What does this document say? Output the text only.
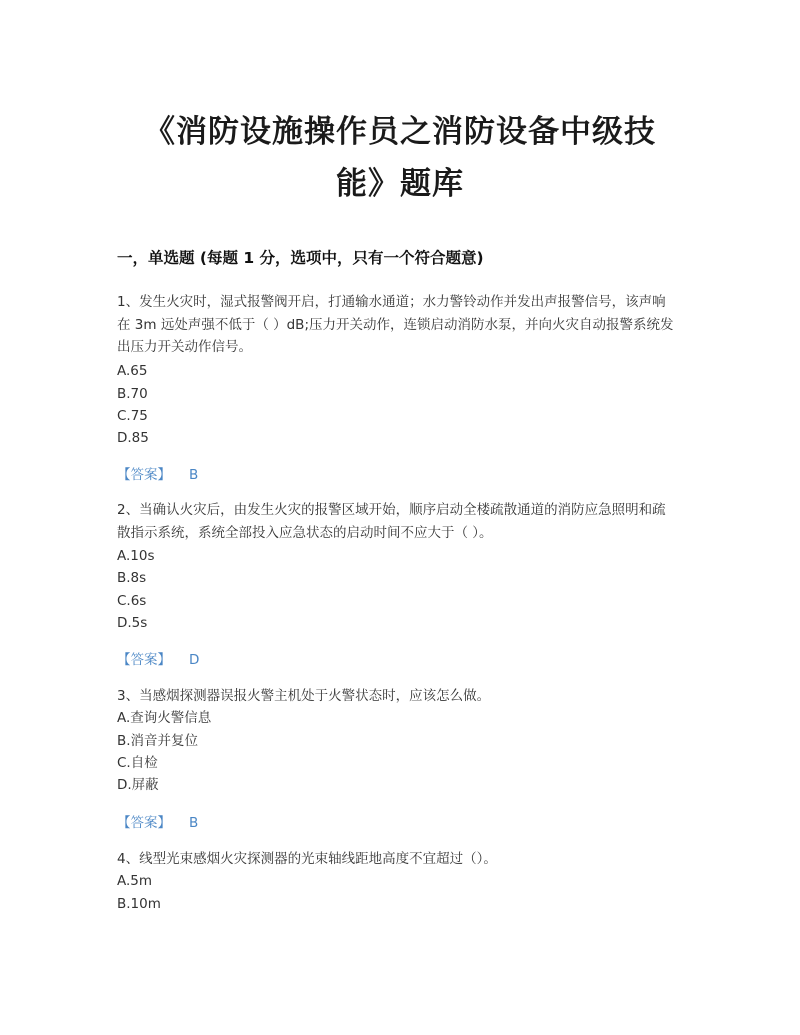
《消防设施操作员之消防设备中级技
能》题库
一，单选题 (每题 1 分，选项中，只有一个符合题意)
1、发生火灾时，湿式报警阀开启，打通输水通道；水力警铃动作并发出声报警信号，该声响在 3m 远处声强不低于（ ）dB;压力开关动作，连锁启动消防水泵，并向火灾自动报警系统发出压力开关动作信号。
A.65
B.70
C.75
D.85
【答案】 B
2、当确认火灾后，由发生火灾的报警区域开始，顺序启动全楼疏散通道的消防应急照明和疏散指示系统，系统全部投入应急状态的启动时间不应大于（ ）。
A.10s
B.8s
C.6s
D.5s
【答案】 D
3、当感烟探测器误报火警主机处于火警状态时，应该怎么做。
A.查询火警信息
B.消音并复位
C.自检
D.屏蔽
【答案】 B
4、线型光束感烟火灾探测器的光束轴线距地高度不宜超过（）。
A.5m
B.10m
